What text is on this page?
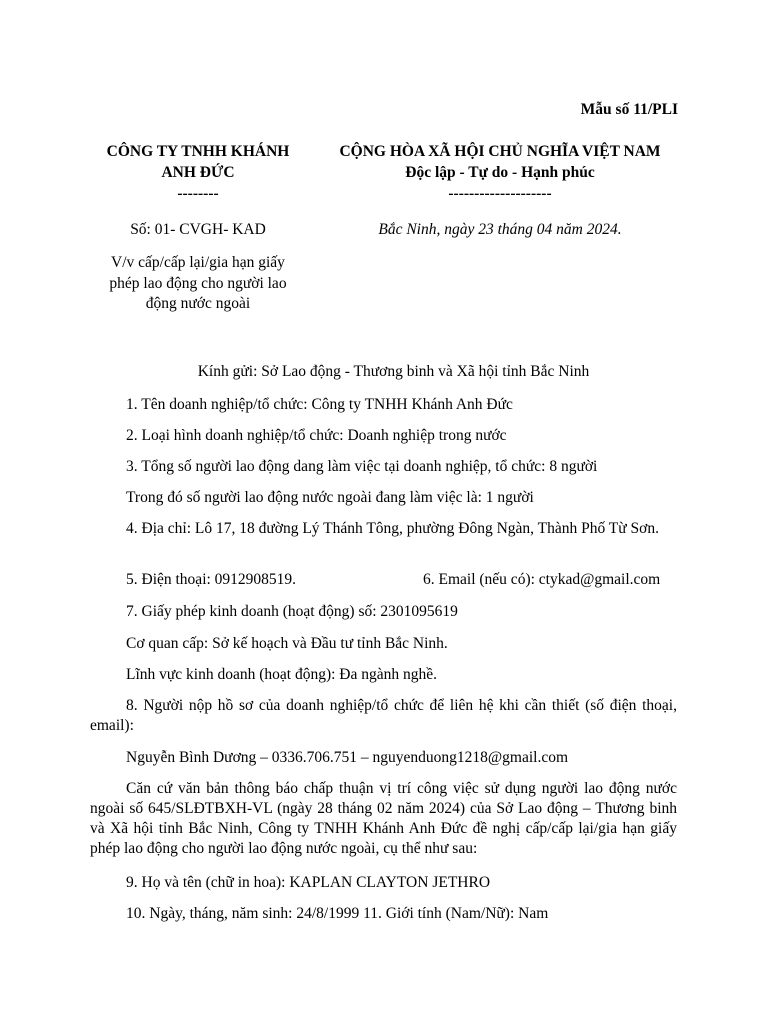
Mẫu số 11/PLI
CÔNG TY TNHH KHÁNH
ANH ĐỨC
--------
CỘNG HÒA XÃ HỘI CHỦ NGHĨA VIỆT NAM
Độc lập - Tự do - Hạnh phúc
--------------------
Số: 01- CVGH- KAD	Bắc Ninh, ngày 23 tháng 04 năm 2024.
V/v cấp/cấp lại/gia hạn giấy
phép lao động cho người lao
động nước ngoài
Kính gửi: Sở Lao động - Thương binh và Xã hội tỉnh Bắc Ninh
1. Tên doanh nghiệp/tổ chức: Công ty TNHH Khánh Anh Đức
2. Loại hình doanh nghiệp/tổ chức: Doanh nghiệp trong nước
3. Tổng số người lao động dang làm việc tại doanh nghiệp, tổ chức: 8 người
Trong đó số người lao động nước ngoài đang làm việc là: 1 người
4. Địa chỉ: Lô 17, 18 đường Lý Thánh Tông, phường Đông Ngàn, Thành Phố Từ Sơn.
5. Điện thoại: 0912908519.	6. Email (nếu có): ctykad@gmail.com
7. Giấy phép kinh doanh (hoạt động) số: 2301095619
Cơ quan cấp: Sở kế hoạch và Đầu tư tỉnh Bắc Ninh.
Lĩnh vực kinh doanh (hoạt động): Đa ngành nghề.
8. Người nộp hồ sơ của doanh nghiệp/tổ chức để liên hệ khi cần thiết (số điện thoại, email):
Nguyễn Bình Dương – 0336.706.751 – nguyenduong1218@gmail.com
Căn cứ văn bản thông báo chấp thuận vị trí công việc sử dụng người lao động nước ngoài số 645/SLĐTBXH-VL (ngày 28 tháng 02 năm 2024) của Sở Lao động – Thương binh và Xã hội tỉnh Bắc Ninh, Công ty TNHH Khánh Anh Đức đề nghị cấp/cấp lại/gia hạn giấy phép lao động cho người lao động nước ngoài, cụ thể như sau:
9. Họ và tên (chữ in hoa): KAPLAN CLAYTON JETHRO
10. Ngày, tháng, năm sinh: 24/8/1999 11. Giới tính (Nam/Nữ): Nam
